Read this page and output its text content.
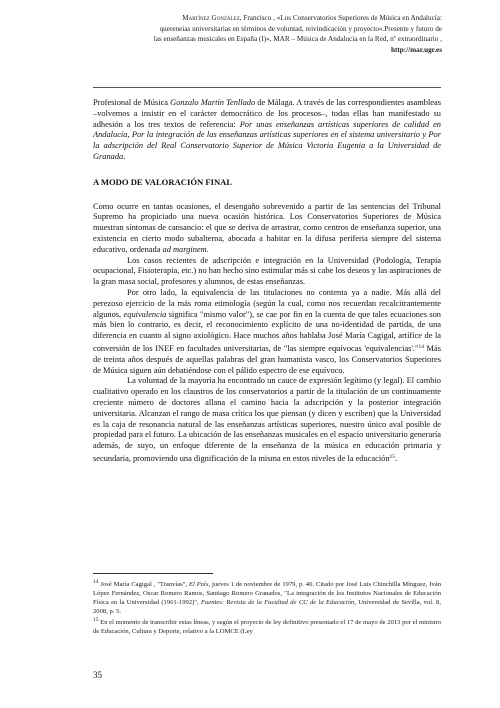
Martínez González, Francisco , «Los Conservatorios Superiores de Música en Andalucía:
quereneias universitarias en términos de voluntad, reivindicación y proyecto».Presente y futuro de
las enseñanzas musicales en España (I)», MAR – Música de Andalucía en la Red, nº extraordinario ,
http://mar.ugr.es

Profesional de Música Gonzalo Martín Tenllado de Málaga. A través de las correspondientes asambleas –volvemos a insistir en el carácter democrático de los procesos–, todas ellas han manifestado su adhesión a los tres textos de referencia: Por unas enseñanzas artísticas superiores de calidad en Andalucía, Por la integración de las enseñanzas artísticas superiores en el sistema universitario y Por la adscripción del Real Conservatorio Superior de Música Victoria Eugenia a la Universidad de Granada.

A MODO DE VALORACIÓN FINAL

Como ocurre en tantas ocasiones, el desengaño sobrevenido a partir de las sentencias del Tribunal Supremo ha propiciado una nueva ocasión histórica. Los Conservatorios Superiores de Música muestran síntomas de cansancio: el que se deriva de arrastrar, como centros de enseñanza superior, una existencia en cierto modo subalterna, abocada a habitar en la difusa periferia siempre del sistema educativo, ordenada ad marginem.

Los casos recientes de adscripción e integración en la Universidad (Podología, Terapia ocupacional, Fisioterapia, etc.) no han hecho sino estimular más si cabe los deseos y las aspiraciones de la gran masa social, profesores y alumnos, de estas enseñanzas.

Por otro lado, la equivalencia de las titulaciones no contenta ya a nadie. Más allá del perezoso ejercicio de la más roma etimología (según la cual, como nos recuerdan recalcitrantemente algunos, equivalencia significa "mismo valor"), se cae por fin en la cuenta de que tales ecuaciones son más bien lo contrario, es decir, el reconocimiento explícito de una no-identidad de partida, de una diferencia en cuanto al signo axiológico. Hace muchos años hablaba José María Cagigal, artífice de la conversión de los INEF en facultades universitarias, de "las siempre equívocas 'equivalencias'."$^{14}$ Más de treinta años después de aquellas palabras del gran humanista vasco, los Conservatorios Superiores de Música siguen aún debatiéndose con el pálido espectro de ese equívoco.

La voluntad de la mayoría ha encontrado un cauce de expresión legítimo (y legal). El cambio cualitativo operado en los claustros de los conservatorios a partir de la titulación de un continuamente creciente número de doctores allana el camino hacia la adscripción y la posterior integración universitaria. Alcanzan el rango de masa crítica los que piensan (y dicen y escriben) que la Universidad es la caja de resonancia natural de las enseñanzas artísticas superiores, nuestro único aval posible de propiedad para el futuro. La ubicación de las enseñanzas musicales en el espacio universitario generaría además, de suyo, un enfoque diferente de la enseñanza de la música en educación primaria y secundaria, promoviendo una dignificación de la misma en estos niveles de la educación$^{15}$.

$^{14}$ José María Cagigal , "Tranvías", El País, jueves 1 de noviembre de 1979, p. 40. Citado por José Luis Chinchilla Mínguez, Iván López Fernández, Oscar Romero Ramos, Santiago Romero Granados, "La integración de los Institutos Nacionales de Educación Física en la Universidad (1961-1992)", Fuentes: Revista de la Facultad de CC de la Educación, Universidad de Sevilla, vol. 8, 2008, p. 5.

$^{15}$ En el momento de transcribir estas líneas, y según el proyecto de ley definitivo presentado el 17 de mayo de 2013 por el ministro de Educación, Cultura y Deporte, relativo a la LOMCE (Ley

35
